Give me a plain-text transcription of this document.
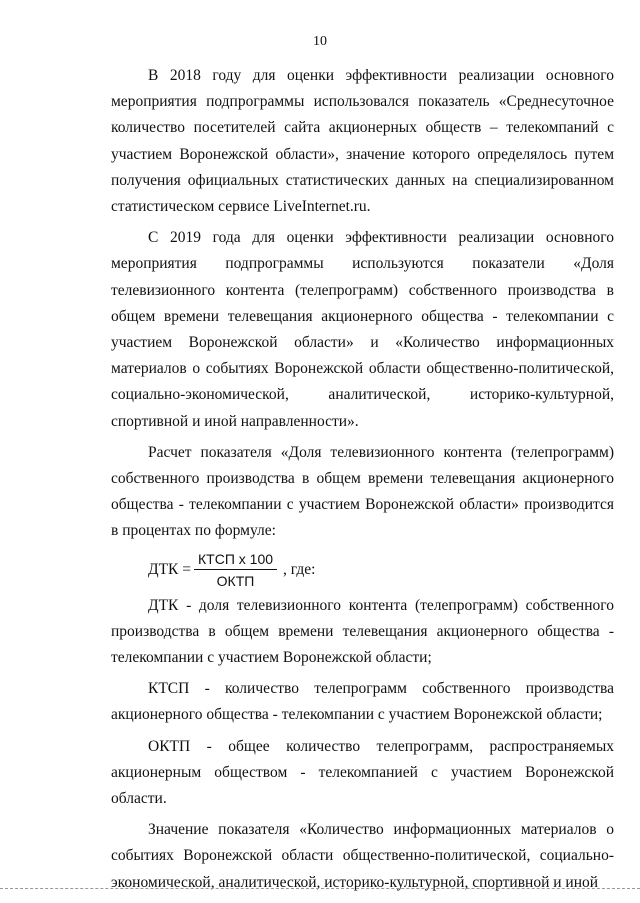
10

В 2018 году для оценки эффективности реализации основного мероприятия подпрограммы использовался показатель «Среднесуточное количество посетителей сайта акционерных обществ – телекомпаний с участием Воронежской области», значение которого определялось путем получения официальных статистических данных на специализированном статистическом сервисе LiveInternet.ru.

С 2019 года для оценки эффективности реализации основного мероприятия подпрограммы используются показатели «Доля телевизионного контента (телепрограмм) собственного производства в общем времени телевещания акционерного общества - телекомпании с участием Воронежской области» и «Количество информационных материалов о событиях Воронежской области общественно-политической, социально-экономической, аналитической, историко-культурной, спортивной и иной направленности».

Расчет показателя «Доля телевизионного контента (телепрограмм) собственного производства в общем времени телевещания акционерного общества - телекомпании с участием Воронежской области» производится в процентах по формуле:

ДТК = $\frac{\text{КТСП x 100}}{\text{ОКТП}}$ , где:

ДТК - доля телевизионного контента (телепрограмм) собственного производства в общем времени телевещания акционерного общества - телекомпании с участием Воронежской области;

КТСП - количество телепрограмм собственного производства акционерного общества - телекомпании с участием Воронежской области;

ОКТП - общее количество телепрограмм, распространяемых акционерным обществом - телекомпанией с участием Воронежской области.

Значение показателя «Количество информационных материалов о событиях Воронежской области общественно-политической, социально-экономической, аналитической, историко-культурной, спортивной и иной
